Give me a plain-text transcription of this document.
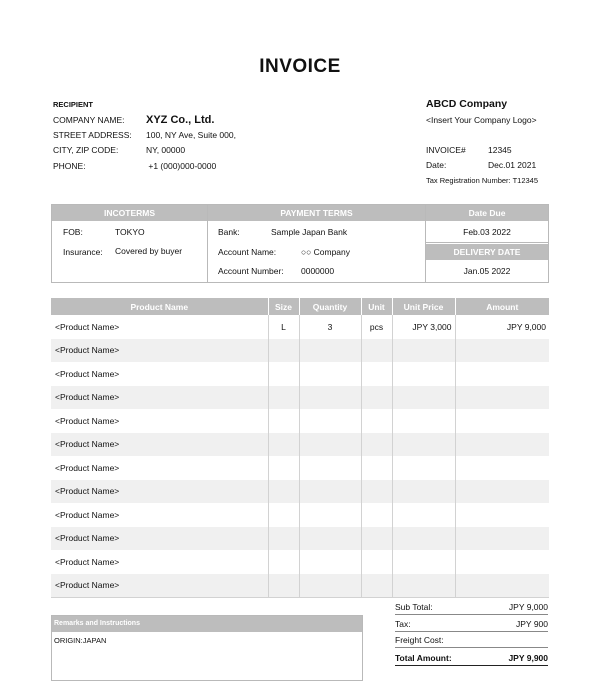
INVOICE
RECIPIENT
COMPANY NAME: XYZ Co., Ltd.
STREET ADDRESS: 100, NY Ave, Suite 000,
CITY, ZIP CODE:	NY, 00000
PHONE:	+1 (000)000-0000
ABCD Company
<Insert Your Company Logo>
INVOICE#	12345
Date:	Dec.01 2021
Tax Registration Number: T12345
INCOTERMS	PAYMENT TERMS	Date Due
FOB:	TOKYO
Insurance: Covered by buyer
Bank:	Sample Japan Bank
Account Name:	○○ Company
Account Number: 0000000
Feb.03 2022
DELIVERY DATE
Jan.05 2022
Product Name	Size	Quantity	Unit	Unit Price	Amount
<Product Name>	L	3	pcs	JPY 3,000	JPY 9,000
<Product Name>					
<Product Name>					
<Product Name>					
<Product Name>					
<Product Name>					
<Product Name>					
<Product Name>					
<Product Name>					
<Product Name>					
<Product Name>					
<Product Name>					
Remarks and Instructions
ORIGIN:JAPAN
Sub Total:	JPY 9,000
Tax:	JPY 900
Freight Cost:
Total Amount:	JPY 9,900
